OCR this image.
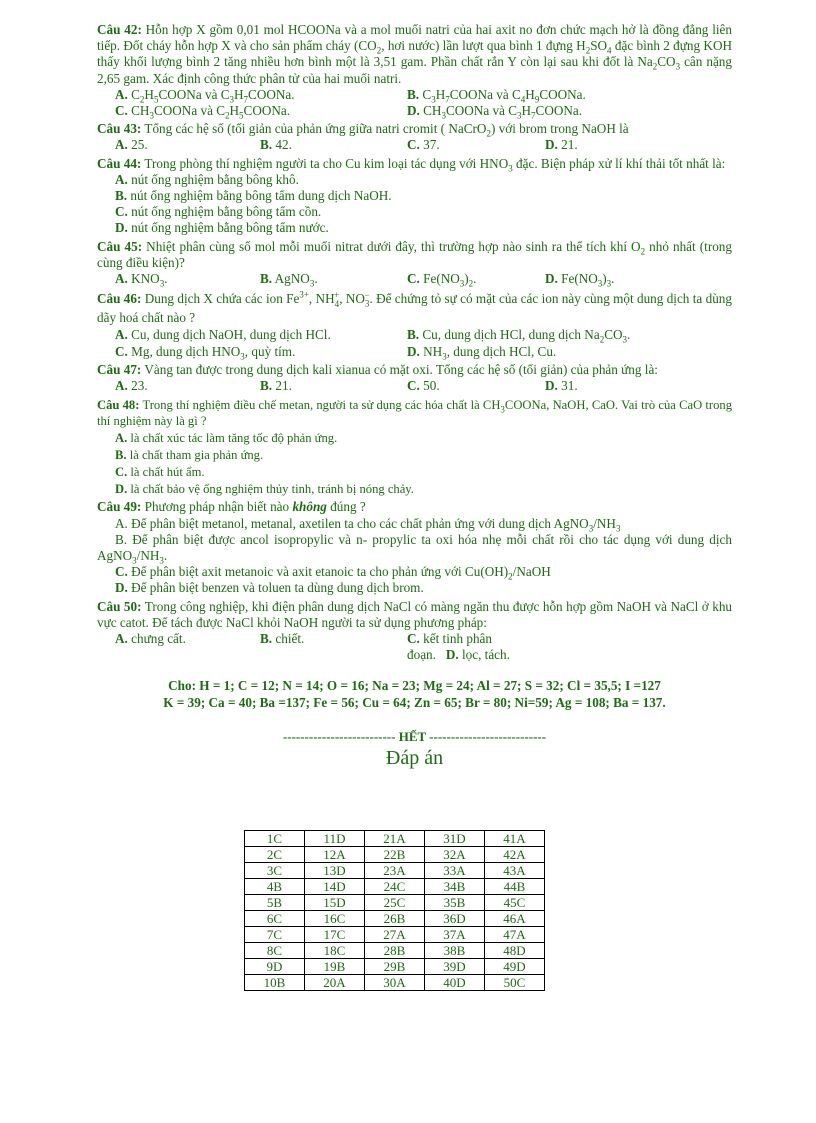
Câu 42: Hỗn hợp X gồm 0,01 mol HCOONa và a mol muối natri của hai axit no đơn chức mạch hở là đồng đẳng liên tiếp. Đốt cháy hỗn hợp X và cho sản phẩm cháy ($CO_2$, hơi nước) lần lượt qua bình 1 đựng $H_2SO_4$ đặc bình 2 đựng KOH thấy khối lượng bình 2 tăng nhiều hơn bình một là 3,51 gam. Phần chất rắn Y còn lại sau khi đốt là $Na_2CO_3$ cân nặng 2,65 gam. Xác định công thức phân tử của hai muối natri.
A. $C_2H_5COONa$ và $C_3H_7COONa$.	B. $C_3H_7COONa$ và $C_4H_9COONa$.
C. $CH_3COONa$ và $C_2H_5COONa$.	D. $CH_3COONa$ và $C_3H_7COONa$.
Câu 43: Tổng các hệ số (tối giản của phản ứng giữa natri cromit ( NaCrO$_2$) với brom trong NaOH là
A. 25.	B. 42.	C. 37.	D. 21.
Câu 44: Trong phòng thí nghiệm người ta cho Cu kim loại tác dụng với $HNO_3$ đặc. Biện pháp xử lí khí thải tốt nhất là:
A. nút ống nghiệm bằng bông khô.
B. nút ống nghiệm bằng bông tẩm dung dịch NaOH.
C. nút ống nghiệm bằng bông tẩm cồn.
D. nút ống nghiệm bằng bông tẩm nước.
Câu 45: Nhiệt phân cùng số mol mỗi muối nitrat dưới đây, thì trường hợp nào sinh ra thể tích khí $O_2$ nhỏ nhất (trong cùng điều kiện)?
A. $KNO_3$.	B. AgNO$_3$.	C. $Fe(NO_3)_2$.	D. $Fe(NO_3)_3$.
Câu 46: Dung dịch X chứa các ion $Fe^{3+}$, $NH_4^+$, $NO_3^-$. Để chứng tỏ sự có mặt của các ion này cùng một dung dịch ta dùng dãy hoá chất nào ?
A. Cu, dung dịch NaOH, dung dịch HCl.	B. Cu, dung dịch HCl, dung dịch $Na_2CO_3$.
C. Mg, dung dịch $HNO_3$, quỳ tím.	D. $NH_3$, dung dịch HCl, Cu.
Câu 47: Vàng tan được trong dung dịch kali xianua có mặt oxi. Tổng các hệ số (tối giản) của phản ứng là:
A. 23.	B. 21.	C. 50.	D. 31.
Câu 48: Trong thí nghiệm điều chế metan, người ta sử dụng các hóa chất là $CH_3COONa$, NaOH, CaO. Vai trò của CaO trong thí nghiệm này là gì ?
A. là chất xúc tác làm tăng tốc độ phản ứng.
B. là chất tham gia phản ứng.
C. là chất hút ẩm.
D. là chất bảo vệ ống nghiệm thủy tinh, tránh bị nóng chảy.
Câu 49: Phương pháp nhận biết nào không đúng ?
A. Để phân biệt metanol, metanal, axetilen ta cho các chất phản ứng với dung dịch $AgNO_3/NH_3$
B. Để phân biệt được ancol isopropylic và n- propylic ta oxi hóa nhẹ mỗi chất rồi cho tác dụng với dung dịch $AgNO_3/NH_3$.
C. Để phân biệt axit metanoic và axit etanoic ta cho phản ứng với $Cu(OH)_2$/NaOH
D. Để phân biệt benzen và toluen ta dùng dung dịch brom.
Câu 50: Trong công nghiệp, khi điện phân dung dịch NaCl có màng ngăn thu được hỗn hợp gồm NaOH và NaCl ở khu vực catot. Để tách được NaCl khỏi NaOH người ta sử dụng phương pháp:
A. chưng cất.	B. chiết.	C. kết tinh phân đoạn. D. lọc, tách.
Cho: H = 1; C = 12; N = 14; O = 16; Na = 23; Mg = 24; Al = 27; S = 32; Cl = 35,5; I =127
K = 39; Ca = 40; Ba =137; Fe = 56; Cu = 64; Zn = 65; Br = 80; Ni=59; Ag = 108; Ba = 137.
-------------------------- HẾT ---------------------------
Đáp án
1C	11D	21A	31D	41A
2C	12A	22B	32A	42A
3C	13D	23A	33A	43A
4B	14D	24C	34B	44B
5B	15D	25C	35B	45C
6C	16C	26B	36D	46A
7C	17C	27A	37A	47A
8C	18C	28B	38B	48D
9D	19B	29B	39D	49D
10B	20A	30A	40D	50C
